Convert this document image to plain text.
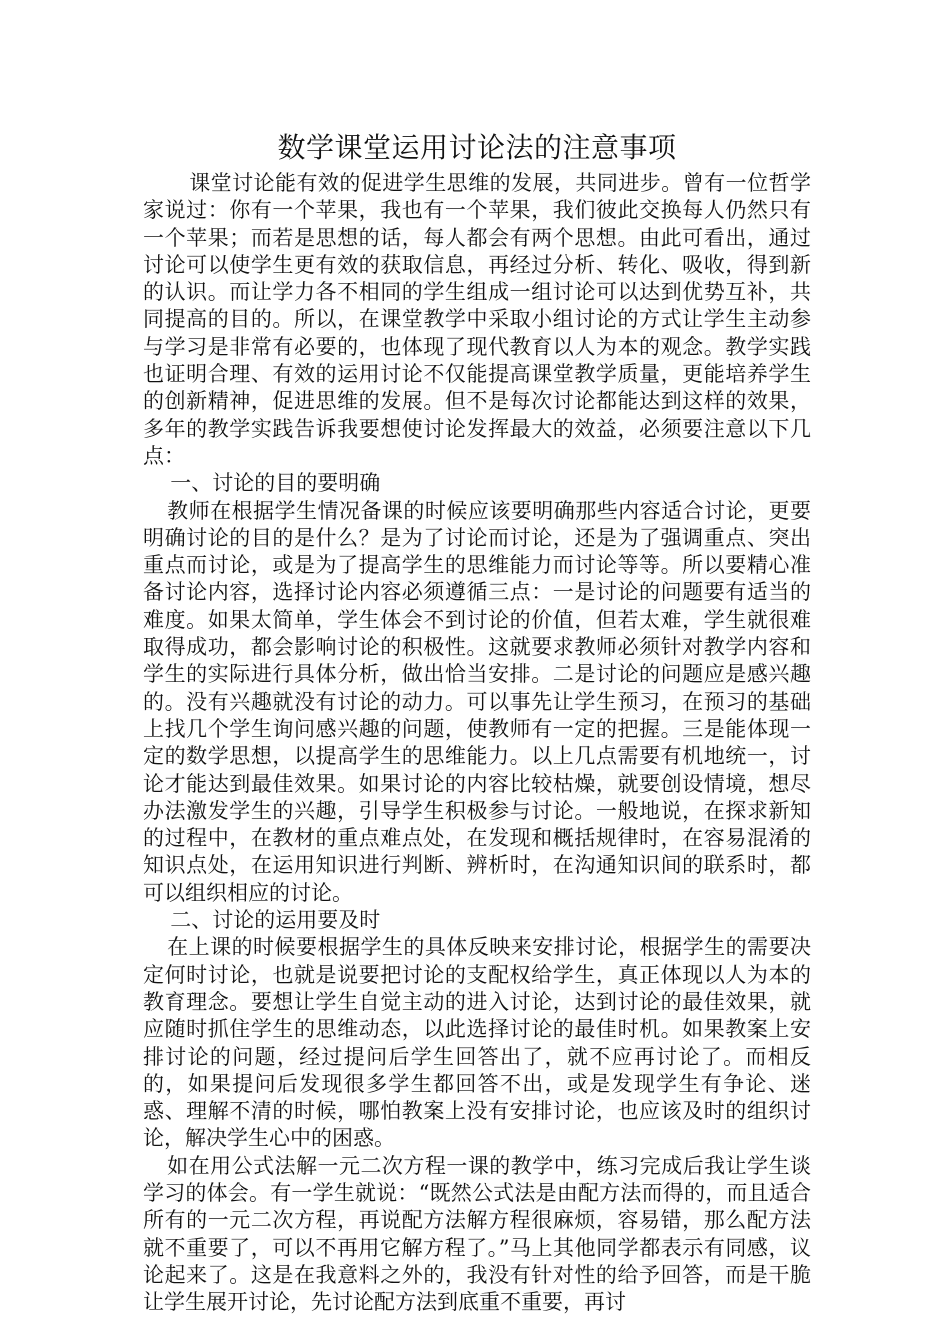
数学课堂运用讨论法的注意事项

课堂讨论能有效的促进学生思维的发展，共同进步。曾有一位哲学家说过：你有一个苹果，我也有一个苹果，我们彼此交换每人仍然只有一个苹果；而若是思想的话，每人都会有两个思想。由此可看出，通过讨论可以使学生更有效的获取信息，再经过分析、转化、吸收，得到新的认识。而让学力各不相同的学生组成一组讨论可以达到优势互补，共同提高的目的。所以，在课堂教学中采取小组讨论的方式让学生主动参与学习是非常有必要的，也体现了现代教育以人为本的观念。教学实践也证明合理、有效的运用讨论不仅能提高课堂教学质量，更能培养学生的创新精神，促进思维的发展。但不是每次讨论都能达到这样的效果，多年的教学实践告诉我要想使讨论发挥最大的效益，必须要注意以下几点：

一、讨论的目的要明确

教师在根据学生情况备课的时候应该要明确那些内容适合讨论，更要明确讨论的目的是什么？是为了讨论而讨论，还是为了强调重点、突出重点而讨论，或是为了提高学生的思维能力而讨论等等。所以要精心准备讨论内容，选择讨论内容必须遵循三点：一是讨论的问题要有适当的难度。如果太简单，学生体会不到讨论的价值，但若太难，学生就很难取得成功，都会影响讨论的积极性。这就要求教师必须针对教学内容和学生的实际进行具体分析，做出恰当安排。二是讨论的问题应是感兴趣的。没有兴趣就没有讨论的动力。可以事先让学生预习，在预习的基础上找几个学生询问感兴趣的问题，使教师有一定的把握。三是能体现一定的数学思想，以提高学生的思维能力。以上几点需要有机地统一，讨论才能达到最佳效果。如果讨论的内容比较枯燥，就要创设情境，想尽办法激发学生的兴趣，引导学生积极参与讨论。一般地说，在探求新知的过程中，在教材的重点难点处，在发现和概括规律时，在容易混淆的知识点处，在运用知识进行判断、辨析时，在沟通知识间的联系时，都可以组织相应的讨论。

二、讨论的运用要及时

在上课的时候要根据学生的具体反映来安排讨论，根据学生的需要决定何时讨论，也就是说要把讨论的支配权给学生，真正体现以人为本的教育理念。要想让学生自觉主动的进入讨论，达到讨论的最佳效果，就应随时抓住学生的思维动态，以此选择讨论的最佳时机。如果教案上安排讨论的问题，经过提问后学生回答出了，就不应再讨论了。而相反的，如果提问后发现很多学生都回答不出，或是发现学生有争论、迷惑、理解不清的时候，哪怕教案上没有安排讨论，也应该及时的组织讨论，解决学生心中的困惑。

如在用公式法解一元二次方程一课的教学中，练习完成后我让学生谈学习的体会。有一学生就说：“既然公式法是由配方法而得的，而且适合所有的一元二次方程，再说配方法解方程很麻烦，容易错，那么配方法就不重要了，可以不再用它解方程了。”马上其他同学都表示有同感，议论起来了。这是在我意料之外的，我没有针对性的给予回答，而是干脆让学生展开讨论，先讨论配方法到底重不重要，再讨
